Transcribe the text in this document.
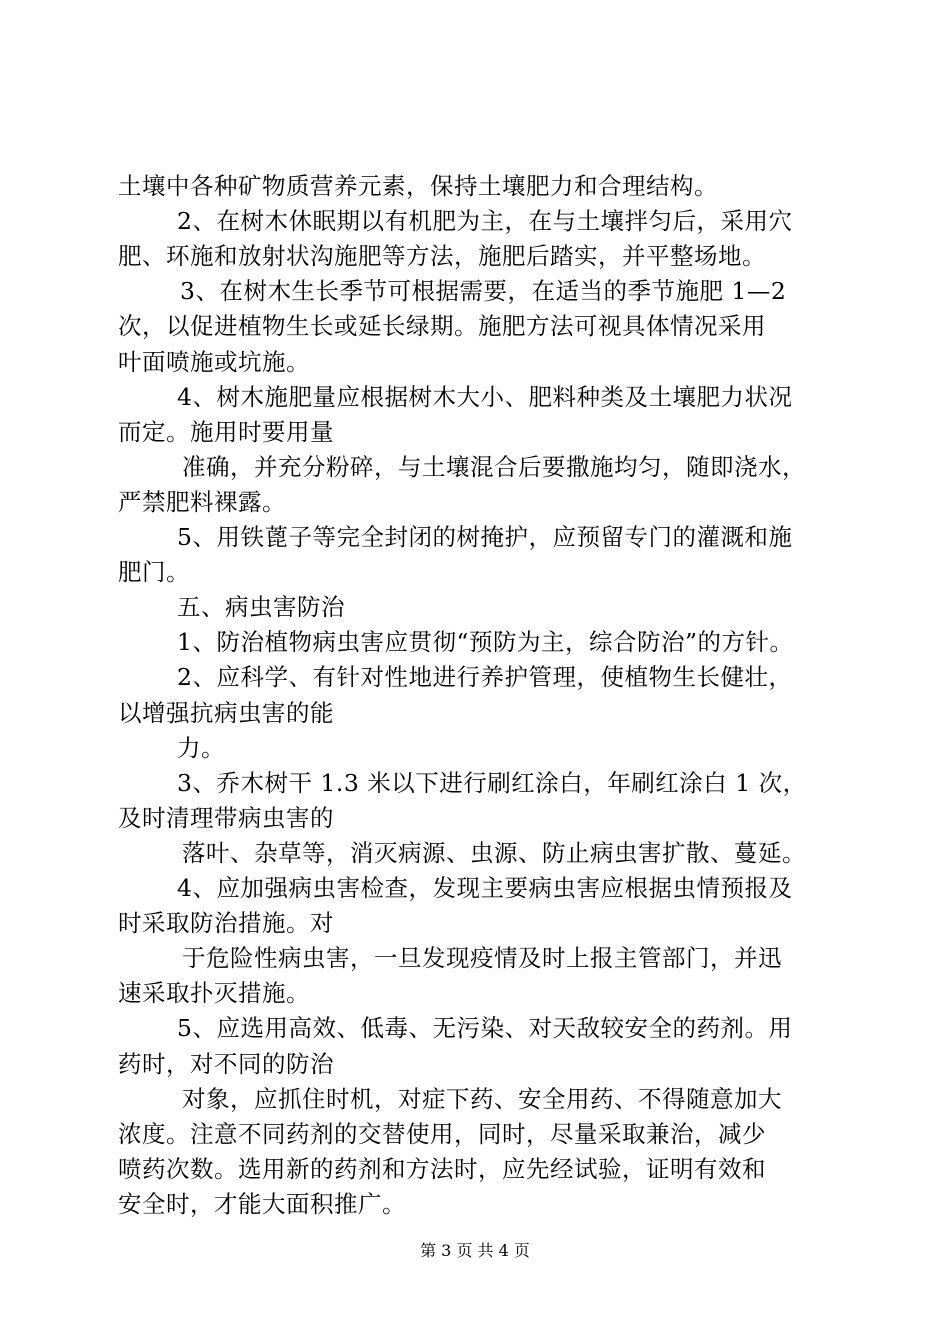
土壤中各种矿物质营养元素，保持土壤肥力和合理结构。
2、在树木休眠期以有机肥为主，在与土壤拌匀后，采用穴
肥、环施和放射状沟施肥等方法，施肥后踏实，并平整场地。
3、在树木生长季节可根据需要，在适当的季节施肥 1—2
次，以促进植物生长或延长绿期。施肥方法可视具体情况采用
叶面喷施或坑施。
4、树木施肥量应根据树木大小、肥料种类及土壤肥力状况
而定。施用时要用量
准确，并充分粉碎，与土壤混合后要撒施均匀，随即浇水，
严禁肥料裸露。
5、用铁蓖子等完全封闭的树掩护，应预留专门的灌溉和施
肥门。
五、病虫害防治
1、防治植物病虫害应贯彻“预防为主，综合防治”的方针。
2、应科学、有针对性地进行养护管理，使植物生长健壮，
以增强抗病虫害的能
力。
3、乔木树干 1.3 米以下进行刷红涂白，年刷红涂白 1 次，
及时清理带病虫害的
落叶、杂草等，消灭病源、虫源、防止病虫害扩散、蔓延。
4、应加强病虫害检查，发现主要病虫害应根据虫情预报及
时采取防治措施。对
于危险性病虫害，一旦发现疫情及时上报主管部门，并迅
速采取扑灭措施。
5、应选用高效、低毒、无污染、对天敌较安全的药剂。用
药时，对不同的防治
对象，应抓住时机，对症下药、安全用药、不得随意加大
浓度。注意不同药剂的交替使用，同时，尽量采取兼治，减少
喷药次数。选用新的药剂和方法时，应先经试验，证明有效和
安全时，才能大面积推广。
第 3 页 共 4 页
